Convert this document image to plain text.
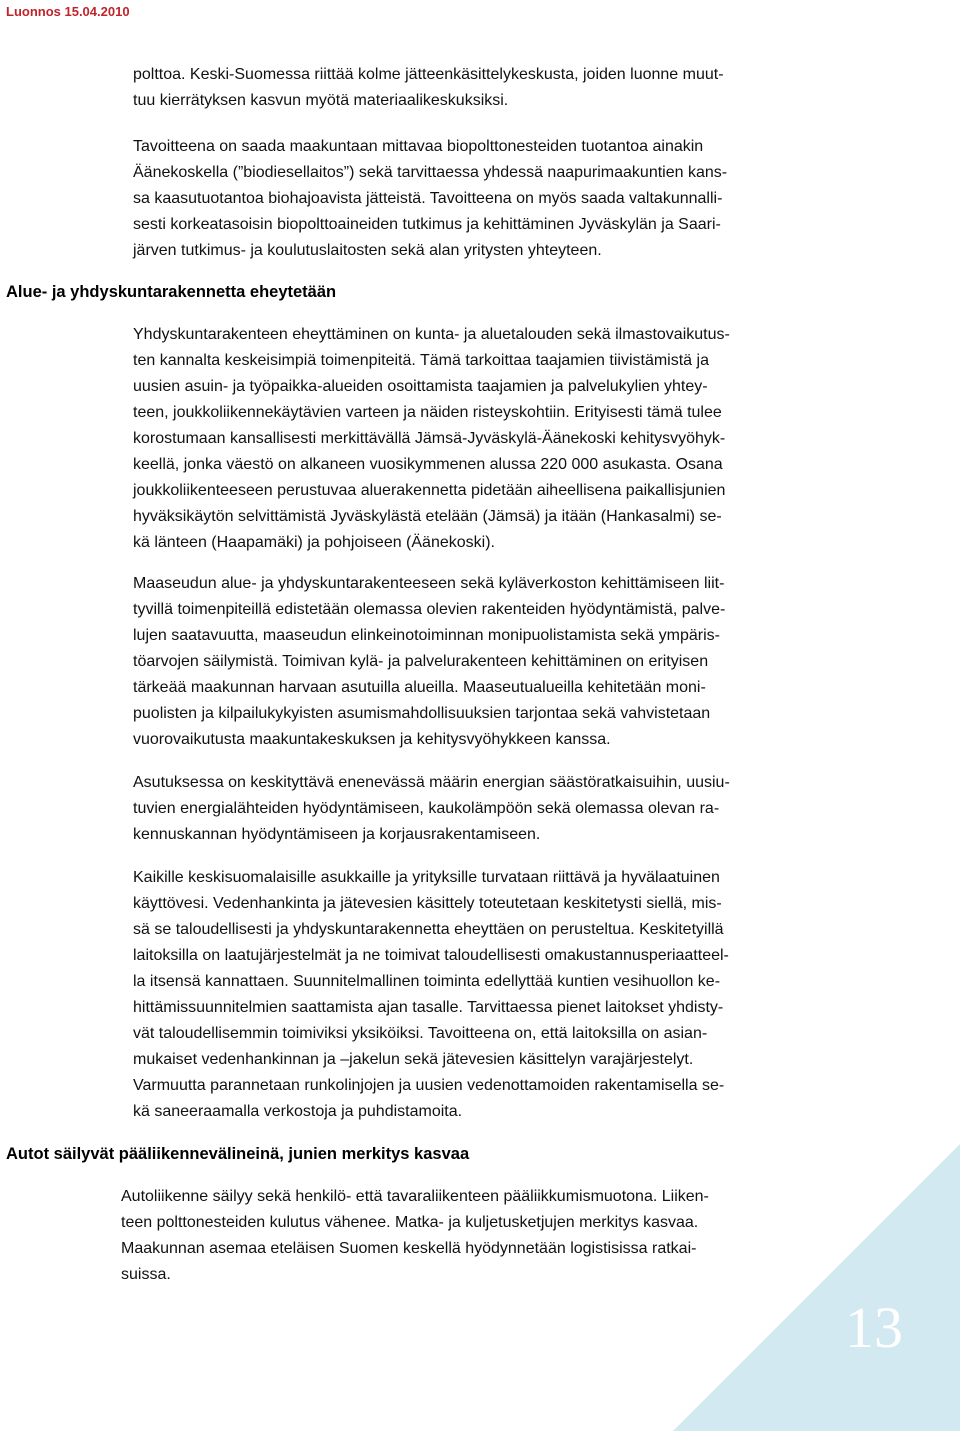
Luonnos 15.04.2010

polttoa. Keski-Suomessa riittää kolme jätteenkäsittelykeskusta, joiden luonne muut-
tuu kierrätyksen kasvun myötä materiaalikeskuksiksi.

Tavoitteena on saada maakuntaan mittavaa biopolttonesteiden tuotantoa ainakin
Äänekoskella (”biodiesellaitos”) sekä tarvittaessa yhdessä naapurimaakuntien kans-
sa kaasutuotantoa biohajoavista jätteistä. Tavoitteena on myös saada valtakunnalli-
sesti korkeatasoisin biopolttoaineiden tutkimus ja kehittäminen Jyväskylän ja Saari-
järven tutkimus- ja koulutuslaitosten sekä alan yritysten yhteyteen.

Alue- ja yhdyskuntarakennetta eheytetään

Yhdyskuntarakenteen eheyttäminen on kunta- ja aluetalouden sekä ilmastovaikutus-
ten kannalta keskeisimpiä toimenpiteitä. Tämä tarkoittaa taajamien tiivistämistä ja
uusien asuin- ja työpaikka-alueiden osoittamista taajamien ja palvelukylien yhtey-
teen, joukkoliikennekäytävien varteen ja näiden risteyskohtiin. Erityisesti tämä tulee
korostumaan kansallisesti merkittävällä Jämsä-Jyväskylä-Äänekoski kehitysvyöhyk-
keellä, jonka väestö on alkaneen vuosikymmenen alussa 220 000 asukasta. Osana
joukkoliikenteeseen perustuvaa aluerakennetta pidetään aiheellisena paikallisjunien
hyväksikäytön selvittämistä Jyväskylästä etelään (Jämsä) ja itään (Hankasalmi) se-
kä länteen (Haapamäki) ja pohjoiseen (Äänekoski).

Maaseudun alue- ja yhdyskuntarakenteeseen sekä kyläverkoston kehittämiseen liit-
tyvillä toimenpiteillä edistetään olemassa olevien rakenteiden hyödyntämistä, palve-
lujen saatavuutta, maaseudun elinkeinotoiminnan monipuolistamista sekä ympäris-
töarvojen säilymistä. Toimivan kylä- ja palvelurakenteen kehittäminen on erityisen
tärkeää maakunnan harvaan asutuilla alueilla. Maaseutualueilla kehitetään moni-
puolisten ja kilpailukykyisten asumismahdollisuuksien tarjontaa sekä vahvistetaan
vuorovaikutusta maakuntakeskuksen ja kehitysvyöhykkeen kanssa.

Asutuksessa on keskityttävä enenevässä määrin energian säästöratkaisuihin, uusiu-
tuvien energialähteiden hyödyntämiseen, kaukolämpöön sekä olemassa olevan ra-
kennuskannan hyödyntämiseen ja korjausrakentamiseen.

Kaikille keskisuomalaisille asukkaille ja yrityksille turvataan riittävä ja hyvälaatuinen
käyttövesi. Vedenhankinta ja jätevesien käsittely toteutetaan keskitetysti siellä, mis-
sä se taloudellisesti ja yhdyskuntarakennetta eheyttäen on perusteltua. Keskitetyillä
laitoksilla on laatujärjestelmät ja ne toimivat taloudellisesti omakustannusperiaatteel-
la itsensä kannattaen. Suunnitelmallinen toiminta edellyttää kuntien vesihuollon ke-
hittämissuunnitelmien saattamista ajan tasalle. Tarvittaessa pienet laitokset yhdisty-
vät taloudellisemmin toimiviksi yksiköiksi. Tavoitteena on, että laitoksilla on asian-
mukaiset vedenhankinnan ja –jakelun sekä jätevesien käsittelyn varajärjestelyt.
Varmuutta parannetaan runkolinjojen ja uusien vedenottamoiden rakentamisella se-
kä saneeraamalla verkostoja ja puhdistamoita.

Autot säilyvät pääliikennevälineinä, junien merkitys kasvaa

Autoliikenne säilyy sekä henkilö- että tavaraliikenteen pääliikkumismuotona. Liiken-
teen polttonesteiden kulutus vähenee. Matka- ja kuljetusketjujen merkitys kasvaa.
Maakunnan asemaa eteläisen Suomen keskellä hyödynnetään logistisissa ratkai-
suissa.

13
